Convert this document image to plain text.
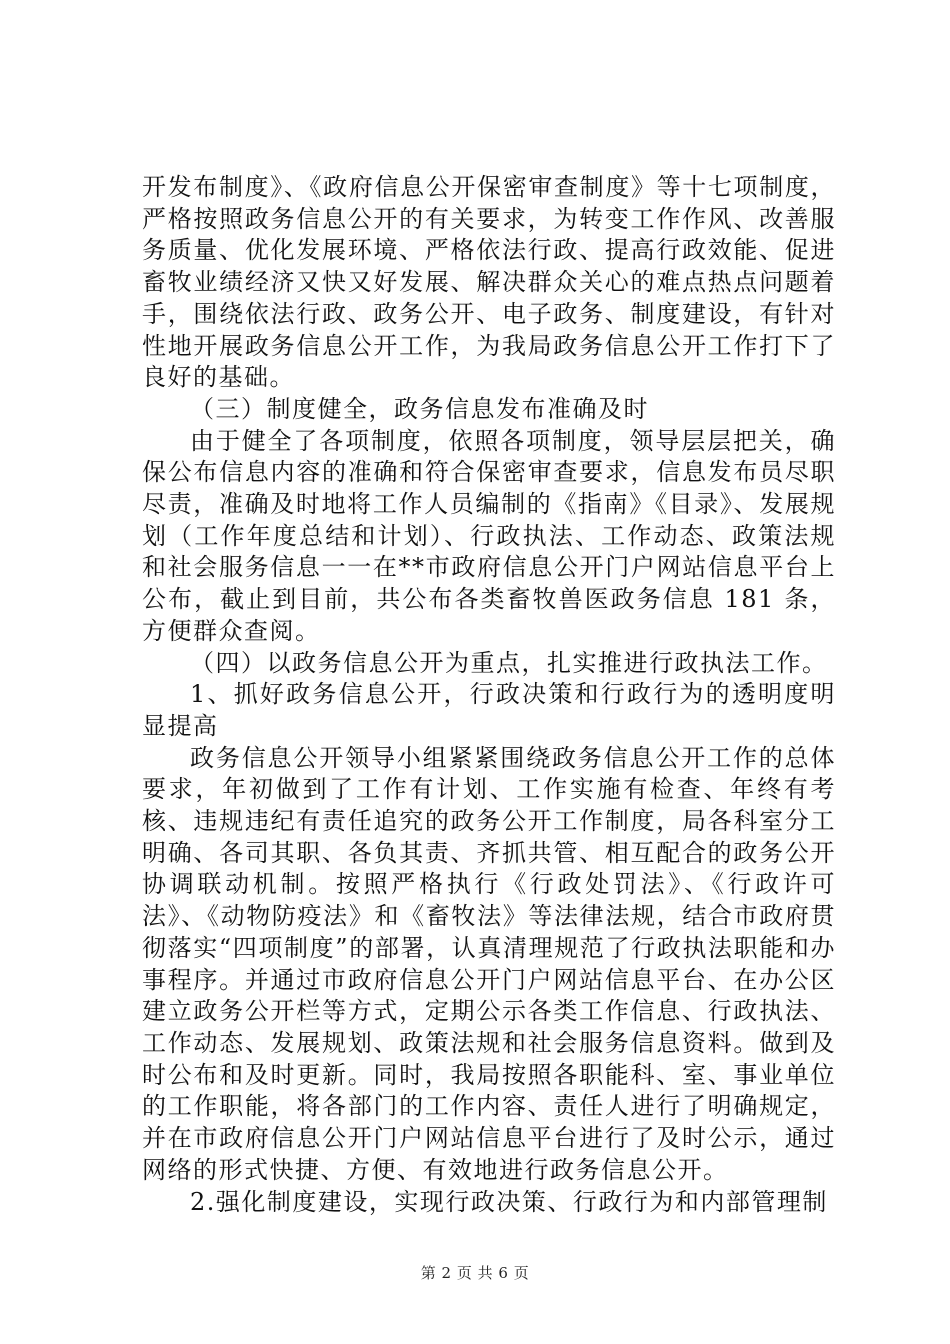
开发布制度》、《政府信息公开保密审查制度》等十七项制度，严格按照政务信息公开的有关要求，为转变工作作风、改善服务质量、优化发展环境、严格依法行政、提高行政效能、促进畜牧业绩经济又快又好发展、解决群众关心的难点热点问题着手，围绕依法行政、政务公开、电子政务、制度建设，有针对性地开展政务信息公开工作，为我局政务信息公开工作打下了良好的基础。

（三）制度健全，政务信息发布准确及时

由于健全了各项制度，依照各项制度，领导层层把关，确保公布信息内容的准确和符合保密审查要求，信息发布员尽职尽责，准确及时地将工作人员编制的《指南》《目录》、发展规划（工作年度总结和计划）、行政执法、工作动态、政策法规和社会服务信息一一在**市政府信息公开门户网站信息平台上公布，截止到目前，共公布各类畜牧兽医政务信息 181 条，方便群众查阅。

（四）以政务信息公开为重点，扎实推进行政执法工作。

1、抓好政务信息公开，行政决策和行政行为的透明度明显提高

政务信息公开领导小组紧紧围绕政务信息公开工作的总体要求，年初做到了工作有计划、工作实施有检查、年终有考核、违规违纪有责任追究的政务公开工作制度，局各科室分工明确、各司其职、各负其责、齐抓共管、相互配合的政务公开协调联动机制。按照严格执行《行政处罚法》、《行政许可法》、《动物防疫法》和《畜牧法》等法律法规，结合市政府贯彻落实“四项制度”的部署，认真清理规范了行政执法职能和办事程序。并通过市政府信息公开门户网站信息平台、在办公区建立政务公开栏等方式，定期公示各类工作信息、行政执法、工作动态、发展规划、政策法规和社会服务信息资料。做到及时公布和及时更新。同时，我局按照各职能科、室、事业单位的工作职能，将各部门的工作内容、责任人进行了明确规定，并在市政府信息公开门户网站信息平台进行了及时公示，通过网络的形式快捷、方便、有效地进行政务信息公开。

2.强化制度建设，实现行政决策、行政行为和内部管理制

第 2 页 共 6 页
